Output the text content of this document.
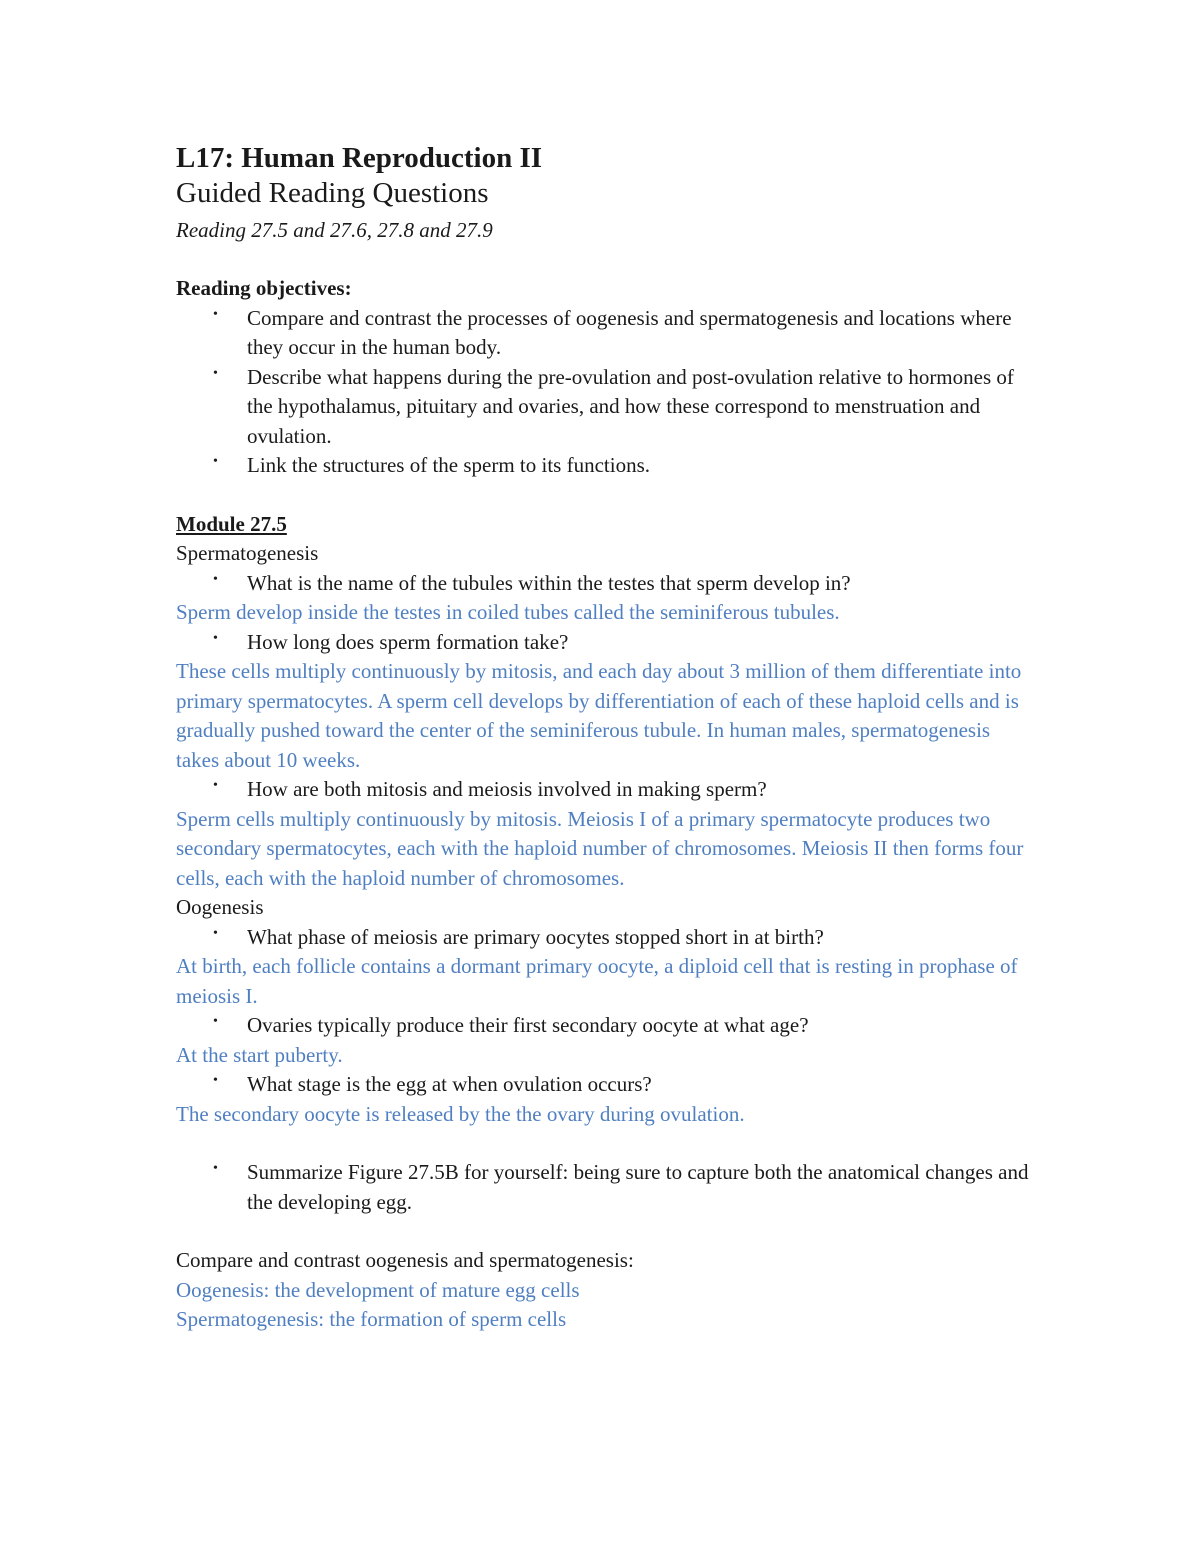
L17: Human Reproduction II

Guided Reading Questions

Reading 27.5 and 27.6, 27.8 and 27.9

Reading objectives:

• Compare and contrast the processes of oogenesis and spermatogenesis and locations where they occur in the human body.
• Describe what happens during the pre-ovulation and post-ovulation relative to hormones of the hypothalamus, pituitary and ovaries, and how these correspond to menstruation and ovulation.
• Link the structures of the sperm to its functions.

Module 27.5

Spermatogenesis

• What is the name of the tubules within the testes that sperm develop in?

Sperm develop inside the testes in coiled tubes called the seminiferous tubules.

• How long does sperm formation take?

These cells multiply continuously by mitosis, and each day about 3 million of them differentiate into primary spermatocytes. A sperm cell develops by differentiation of each of these haploid cells and is gradually pushed toward the center of the seminiferous tubule. In human males, spermatogenesis takes about 10 weeks.

• How are both mitosis and meiosis involved in making sperm?

Sperm cells multiply continuously by mitosis. Meiosis I of a primary spermatocyte produces two secondary spermatocytes, each with the haploid number of chromosomes. Meiosis II then forms four cells, each with the haploid number of chromosomes.

Oogenesis

• What phase of meiosis are primary oocytes stopped short in at birth?

At birth, each follicle contains a dormant primary oocyte, a diploid cell that is resting in prophase of meiosis I.

• Ovaries typically produce their first secondary oocyte at what age?

At the start puberty.

• What stage is the egg at when ovulation occurs?

The secondary oocyte is released by the the ovary during ovulation.

• Summarize Figure 27.5B for yourself: being sure to capture both the anatomical changes and the developing egg.

Compare and contrast oogenesis and spermatogenesis:

Oogenesis: the development of mature egg cells

Spermatogenesis: the formation of sperm cells
